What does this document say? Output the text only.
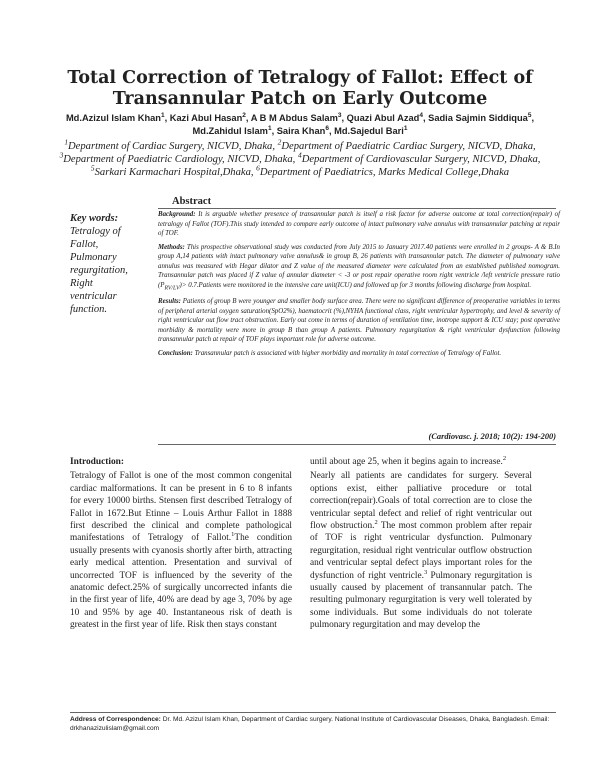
Total Correction of Tetralogy of Fallot: Effect of Transannular Patch on Early Outcome
Md.Azizul Islam Khan$^1$, Kazi Abul Hasan$^2$, A B M Abdus Salam$^3$, Quazi Abul Azad$^4$, Sadia Sajmin Siddiqua$^5$, Md.Zahidul Islam$^1$, Saira Khan$^6$, Md.Sajedul Bari$^1$
$^1$Department of Cardiac Surgery, NICVD, Dhaka, $^2$Department of Paediatric Cardiac Surgery, NICVD, Dhaka, $^3$Department of Paediatric Cardiology, NICVD, Dhaka, $^4$Department of Cardiovascular Surgery, NICVD, Dhaka, $^5$Sarkari Karmachari Hospital,Dhaka, $^6$Department of Paediatrics, Marks Medical College,Dhaka
Abstract
Key words:
Tetralogy of
Fallot,
Pulmonary
regurgitation,
Right
ventricular
function.

Background: It is arguable whether presence of transannular patch is itself a risk factor for adverse outcome at total correction(repair) of tetralogy of Fallot (TOF).This study intended to compare early outcome of intact pulmonary valve annulus with transannular patching at repair of TOF.

Methods: This prospective observational study was conducted from July 2015 to January 2017.40 patients were enrolled in 2 groups- A & B.In group A,14 patients with intact pulmonary valve annulus& in group B, 26 patients with transannular patch. The diameter of pulmonary valve annulus was measured with Hegar dilator and Z value of the measured diameter were calculated from an established published nomogram. Transannular patch was placed if Z value of annular diameter < -3 or post repair operative room right ventricle /left ventricle pressure ratio $(P_{RV/LV})>$ 0.7.Patients were monitored in the intensive care unit(ICU) and followed up for 3 months following discharge from hospital.

Results: Patients of group B were younger and smaller body surface area. There were no significant difference of preoperative variables in terms of peripheral arterial oxygen saturation(SpO2%), haematocrit (%),NYHA functional class, right ventricular hypertrophy, and level & severity of right ventricular out flow tract obstruction. Early out come in terms of duration of ventilation time, inotrope support & ICU stay; post operative morbidity & mortality were more in group B than group A patients. Pulmonary regurgitation & right ventricular dysfunction following transannular patch at repair of TOF plays important role for adverse outcome.

Conclusion: Transannular patch is associated with higher morbidity and mortality in total correction of Tetralogy of Fallot.

(Cardiovasc. j. 2018; 10(2): 194-200)
Introduction:

Tetralogy of Fallot is one of the most common congenital cardiac malformations. It can be present in 6 to 8 infants for every 10000 births. Stensen first described Tetralogy of Fallot in 1672.But Etinne – Louis Arthur Fallot in 1888 first described the clinical and complete pathological manifestations of Tetralogy of Fallot.$^1$The condition usually presents with cyanosis shortly after birth, attracting early medical attention. Presentation and survival of uncorrected TOF is influenced by the severity of the anatomic defect.25% of surgically uncorrected infants die in the first year of life, 40% are dead by age 3, 70% by age 10 and 95% by age 40. Instantaneous risk of death is greatest in the first year of life. Risk then stays constant

until about age 25, when it begins again to increase.$^2$

Nearly all patients are candidates for surgery. Several options exist, either palliative procedure or total correction(repair).Goals of total correction are to close the ventricular septal defect and relief of right ventricular out flow obstruction.$^2$ The most common problem after repair of TOF is right ventricular dysfunction. Pulmonary regurgitation, residual right ventricular outflow obstruction and ventricular septal defect plays important roles for the dysfunction of right ventricle.$^3$ Pulmonary regurgitation is usually caused by placement of transannular patch. The resulting pulmonary regurgitation is very well tolerated by some individuals. But some individuals do not tolerate pulmonary regurgitation and may develop the

Address of Correspondence: Dr. Md. Azizul Islam Khan, Department of Cardiac surgery. National Institute of Cardiovascular Diseases, Dhaka, Bangladesh. Email: drkhanazizulislam@gmail.com
